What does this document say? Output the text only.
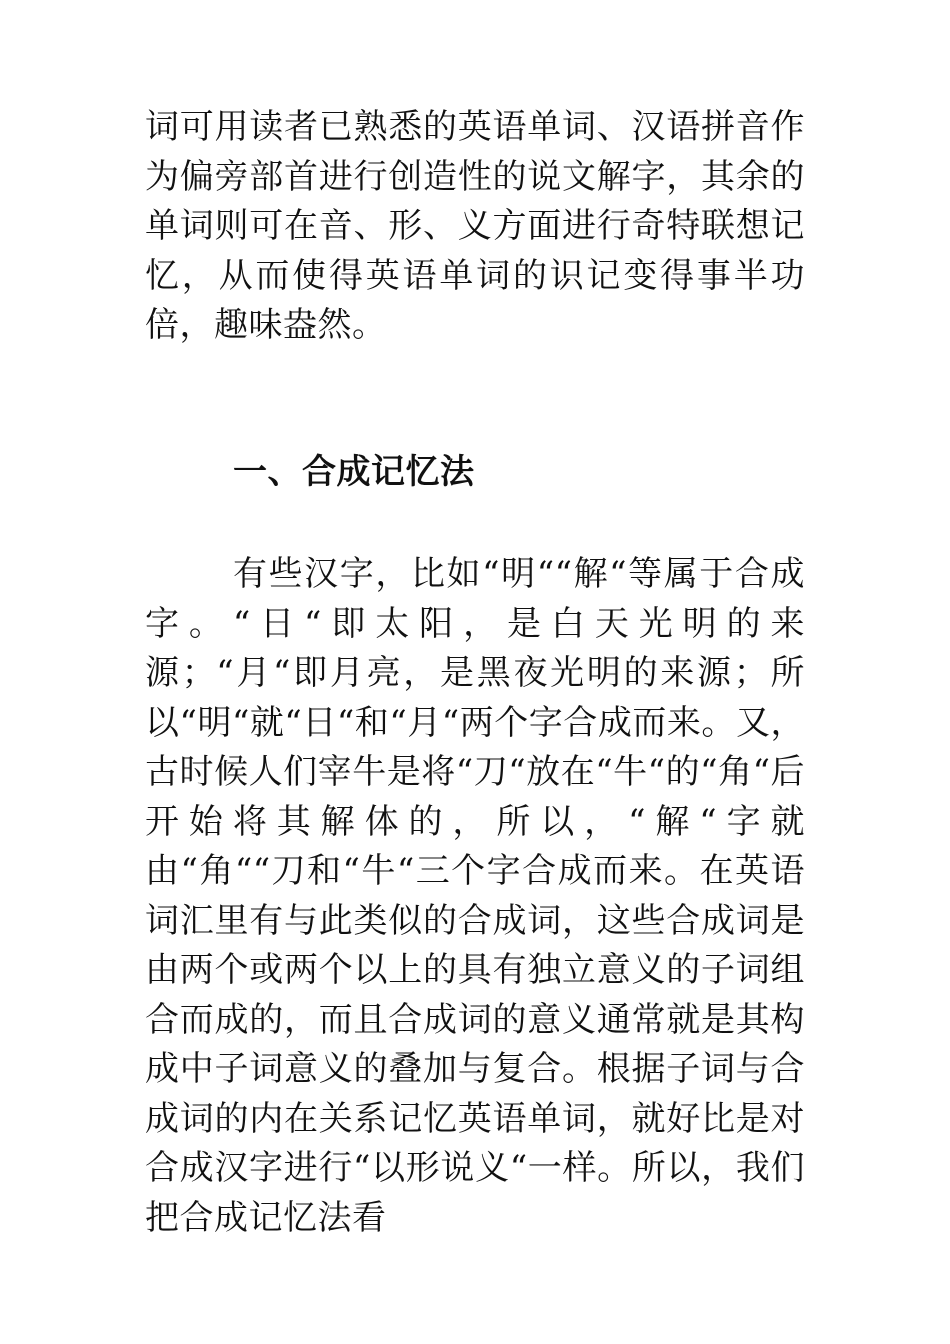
词可用读者已熟悉的英语单词、汉语拼音作为偏旁部首进行创造性的说文解字，其余的单词则可在音、形、义方面进行奇特联想记忆，从而使得英语单词的识记变得事半功倍，趣味盎然。

一、合成记忆法

有些汉字，比如“明““解“等属于合成字。“日“即太阳，是白天光明的来源；“月“即月亮，是黑夜光明的来源；所以“明“就“日“和“月“两个字合成而来。又，古时候人们宰牛是将“刀“放在“牛“的“角“后开始将其解体的，所以，“解“字就由“角““刀和“牛“三个字合成而来。在英语词汇里有与此类似的合成词，这些合成词是由两个或两个以上的具有独立意义的子词组合而成的，而且合成词的意义通常就是其构成中子词意义的叠加与复合。根据子词与合成词的内在关系记忆英语单词，就好比是对合成汉字进行“以形说义“一样。所以，我们把合成记忆法看
